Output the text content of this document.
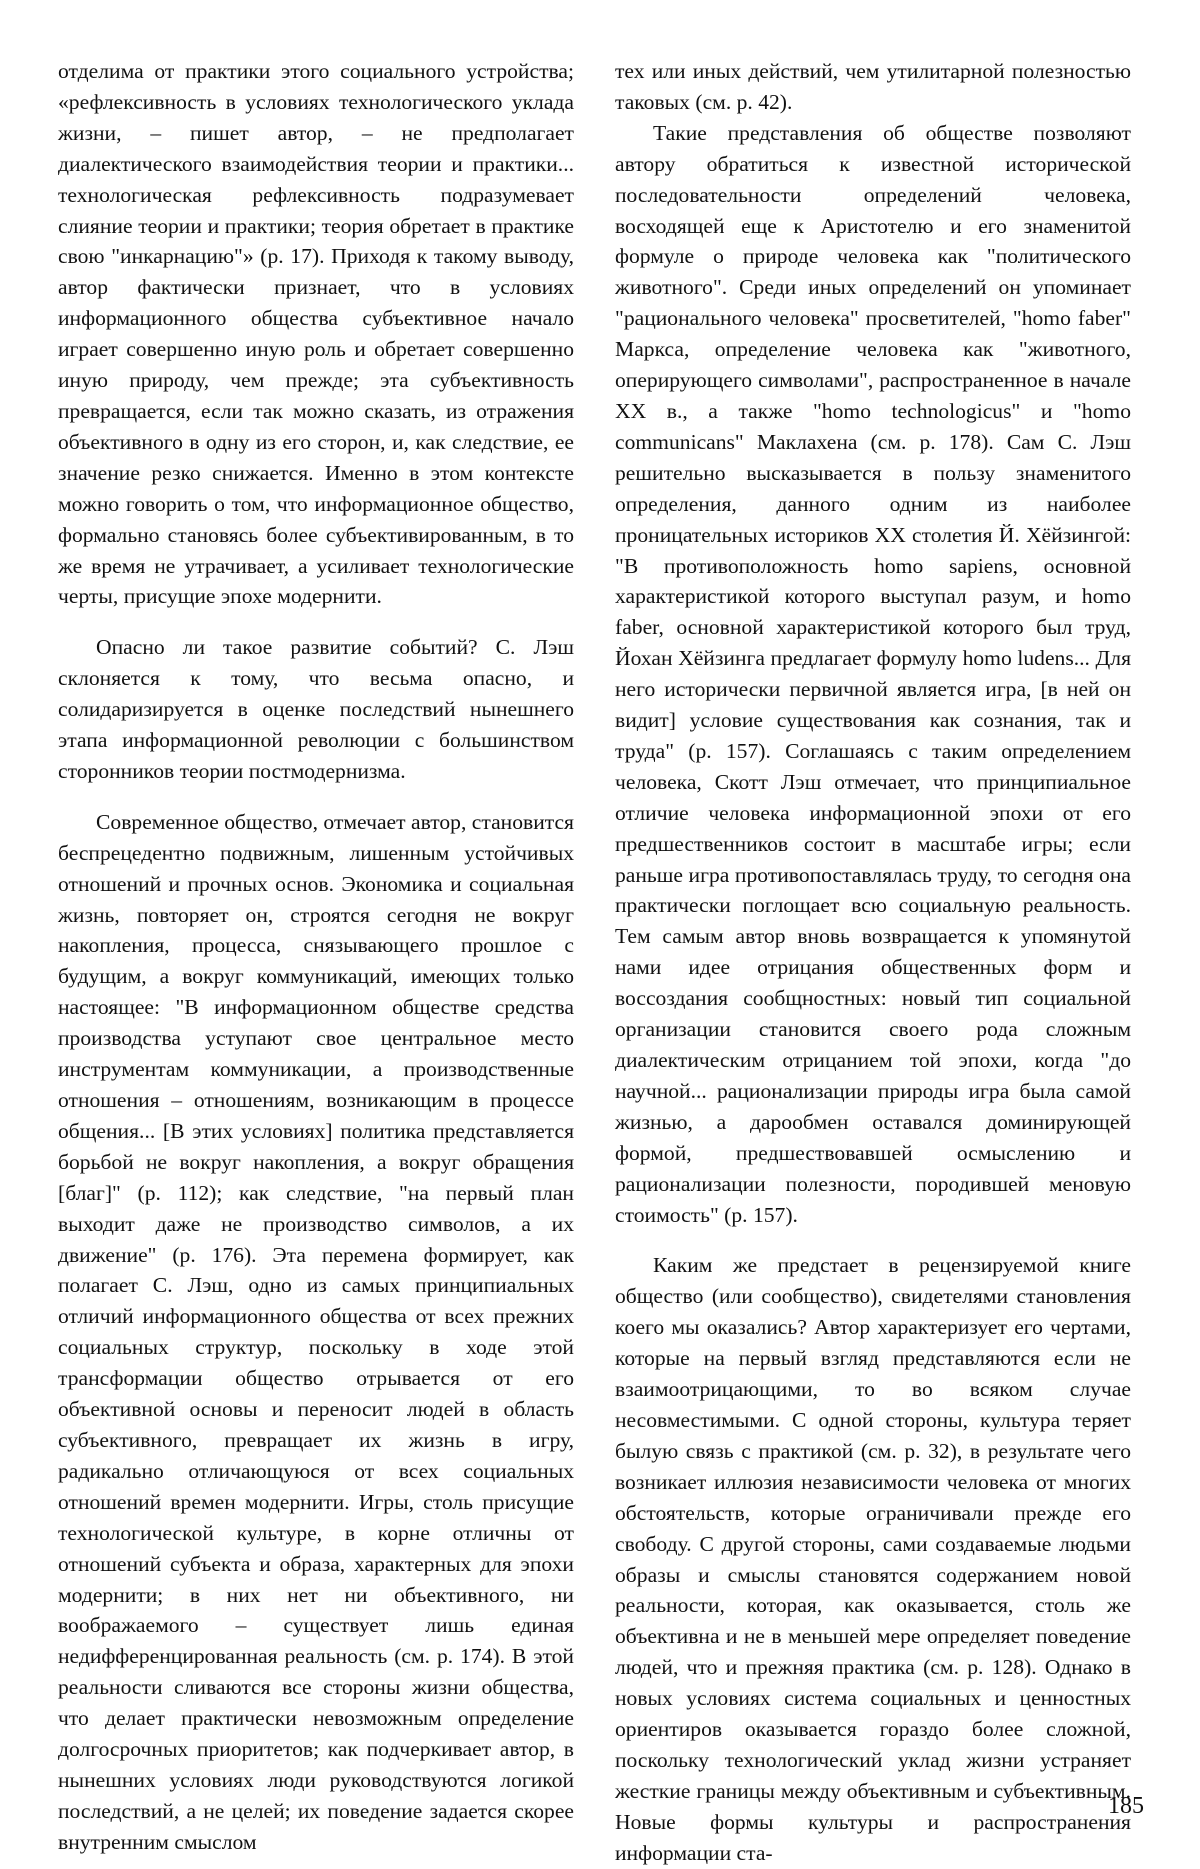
отделима от практики этого социального устройства; «рефлексивность в условиях технологического уклада жизни, – пишет автор, – не предполагает диалектического взаимодействия теории и практики... технологическая рефлексивность подразумевает слияние теории и практики; теория обретает в практике свою "инкарнацию"» (p. 17). Приходя к такому выводу, автор фактически признает, что в условиях информационного общества субъективное начало играет совершенно иную роль и обретает совершенно иную природу, чем прежде; эта субъективность превращается, если так можно сказать, из отражения объективного в одну из его сторон, и, как следствие, ее значение резко снижается. Именно в этом контексте можно говорить о том, что информационное общество, формально становясь более субъективированным, в то же время не утрачивает, а усиливает технологические черты, присущие эпохе модернити.

Опасно ли такое развитие событий? С. Лэш склоняется к тому, что весьма опасно, и солидаризируется в оценке последствий нынешнего этапа информационной революции с большинством сторонников теории постмодернизма.

Современное общество, отмечает автор, становится беспрецедентно подвижным, лишенным устойчивых отношений и прочных основ. Экономика и социальная жизнь, повторяет он, строятся сегодня не вокруг накопления, процесса, снязывающего прошлое с будущим, а вокруг коммуникаций, имеющих только настоящее: "В информационном обществе средства производства уступают свое центральное место инструментам коммуникации, а производственные отношения – отношениям, возникающим в процессе общения... [В этих условиях] политика представляется борьбой не вокруг накопления, а вокруг обращения [благ]" (p. 112); как следствие, "на первый план выходит даже не производство символов, а их движение" (p. 176). Эта перемена формирует, как полагает С. Лэш, одно из самых принципиальных отличий информационного общества от всех прежних социальных структур, поскольку в ходе этой трансформации общество отрывается от его объективной основы и переносит людей в область субъективного, превращает их жизнь в игру, радикально отличающуюся от всех социальных отношений времен модернити. Игры, столь присущие технологической культуре, в корне отличны от отношений субъекта и образа, характерных для эпохи модернити; в них нет ни объективного, ни воображаемого – существует лишь единая недифференцированная реальность (см. p. 174). В этой реальности сливаются все стороны жизни общества, что делает практически невозможным определение долгосрочных приоритетов; как подчеркивает автор, в нынешних условиях люди руководствуются логикой последствий, а не целей; их поведение задается скорее внутренним смыслом

тех или иных действий, чем утилитарной полезностью таковых (см. p. 42).

Такие представления об обществе позволяют автору обратиться к известной исторической последовательности определений человека, восходящей еще к Аристотелю и его знаменитой формуле о природе человека как "политического животного". Среди иных определений он упоминает "рационального человека" просветителей, "homo faber" Маркса, определение человека как "животного, оперирующего символами", распространенное в начале XX в., а также "homo technologicus" и "homo communicans" Маклахена (см. p. 178). Сам С. Лэш решительно высказывается в пользу знаменитого определения, данного одним из наиболее проницательных историков XX столетия Й. Хёйзингой: "В противоположность homo sapiens, основной характеристикой которого выступал разум, и homo faber, основной характеристикой которого был труд, Йохан Хёйзинга предлагает формулу homo ludens... Для него исторически первичной является игра, [в ней он видит] условие существования как сознания, так и труда" (p. 157). Соглашаясь с таким определением человека, Скотт Лэш отмечает, что принципиальное отличие человека информационной эпохи от его предшественников состоит в масштабе игры; если раньше игра противопоставлялась труду, то сегодня она практически поглощает всю социальную реальность. Тем самым автор вновь возвращается к упомянутой нами идее отрицания общественных форм и воссоздания сообщностных: новый тип социальной организации становится своего рода сложным диалектическим отрицанием той эпохи, когда "до научной... рационализации природы игра была самой жизнью, а дарообмен оставался доминирующей формой, предшествовавшей осмыслению и рационализации полезности, породившей меновую стоимость" (p. 157).

Каким же предстает в рецензируемой книге общество (или сообщество), свидетелями становления коего мы оказались? Автор характеризует его чертами, которые на первый взгляд представляются если не взаимоотрицающими, то во всяком случае несовместимыми. С одной стороны, культура теряет былую связь с практикой (см. p. 32), в результате чего возникает иллюзия независимости человека от многих обстоятельств, которые ограничивали прежде его свободу. С другой стороны, сами создаваемые людьми образы и смыслы становятся содержанием новой реальности, которая, как оказывается, столь же объективна и не в меньшей мере определяет поведение людей, что и прежняя практика (см. p. 128). Однако в новых условиях система социальных и ценностных ориентиров оказывается гораздо более сложной, поскольку технологический уклад жизни устраняет жесткие границы между объективным и субъективным. Новые формы культуры и распространения информации ста-

185
